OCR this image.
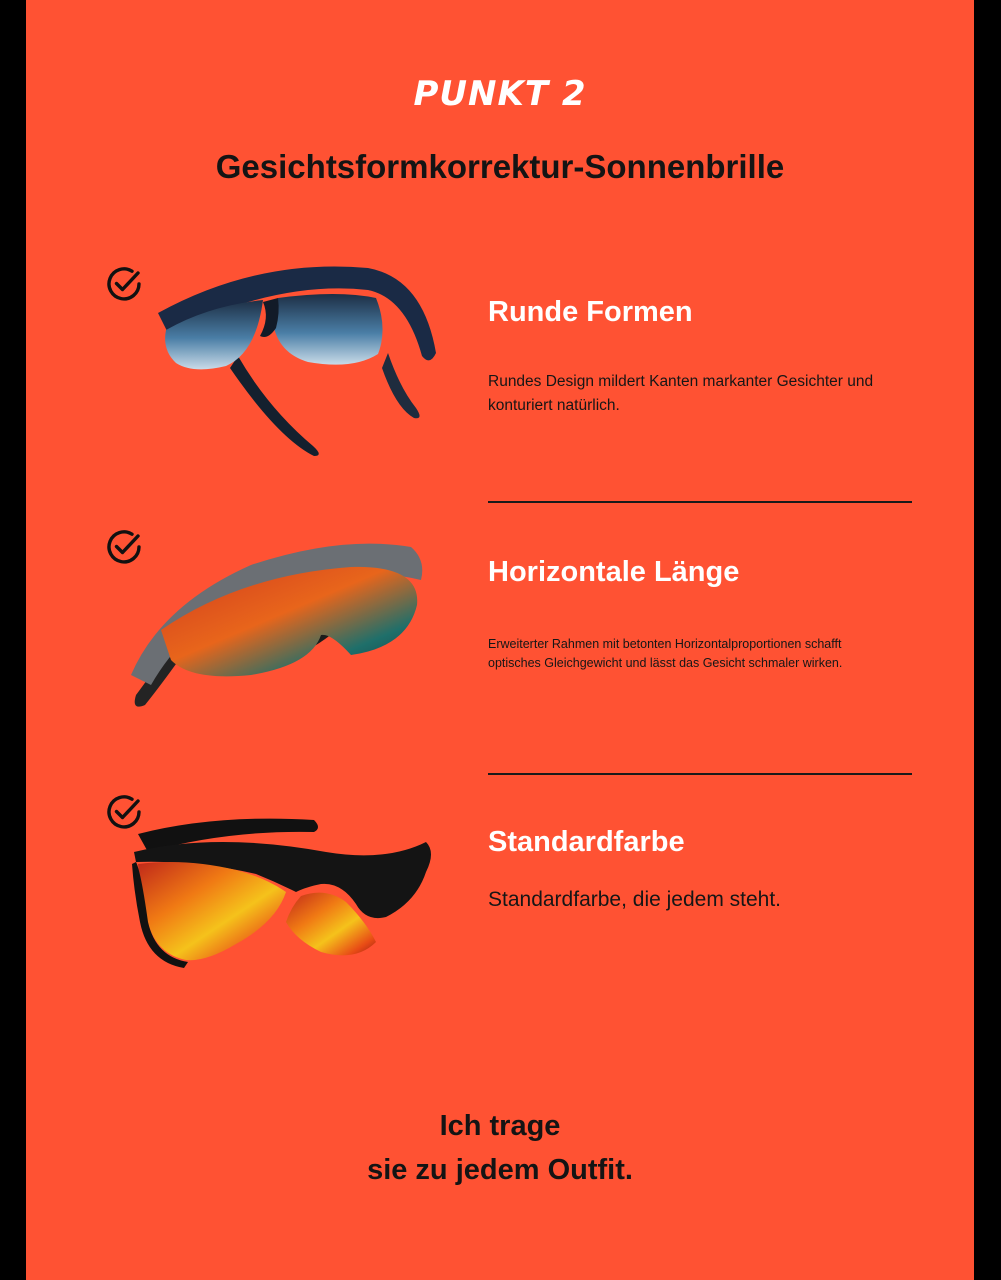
PUNKT 2

Gesichtsformkorrektur-Sonnenbrille
Runde Formen

Rundes Design mildert Kanten markanter Gesichter und konturiert natürlich.

Horizontale Länge

Erweiterter Rahmen mit betonten Horizontalproportionen schafft optisches Gleichgewicht und lässt das Gesicht schmaler wirken.

Standardfarbe

Standardfarbe, die jedem steht.

Ich trage

sie zu jedem Outfit.
